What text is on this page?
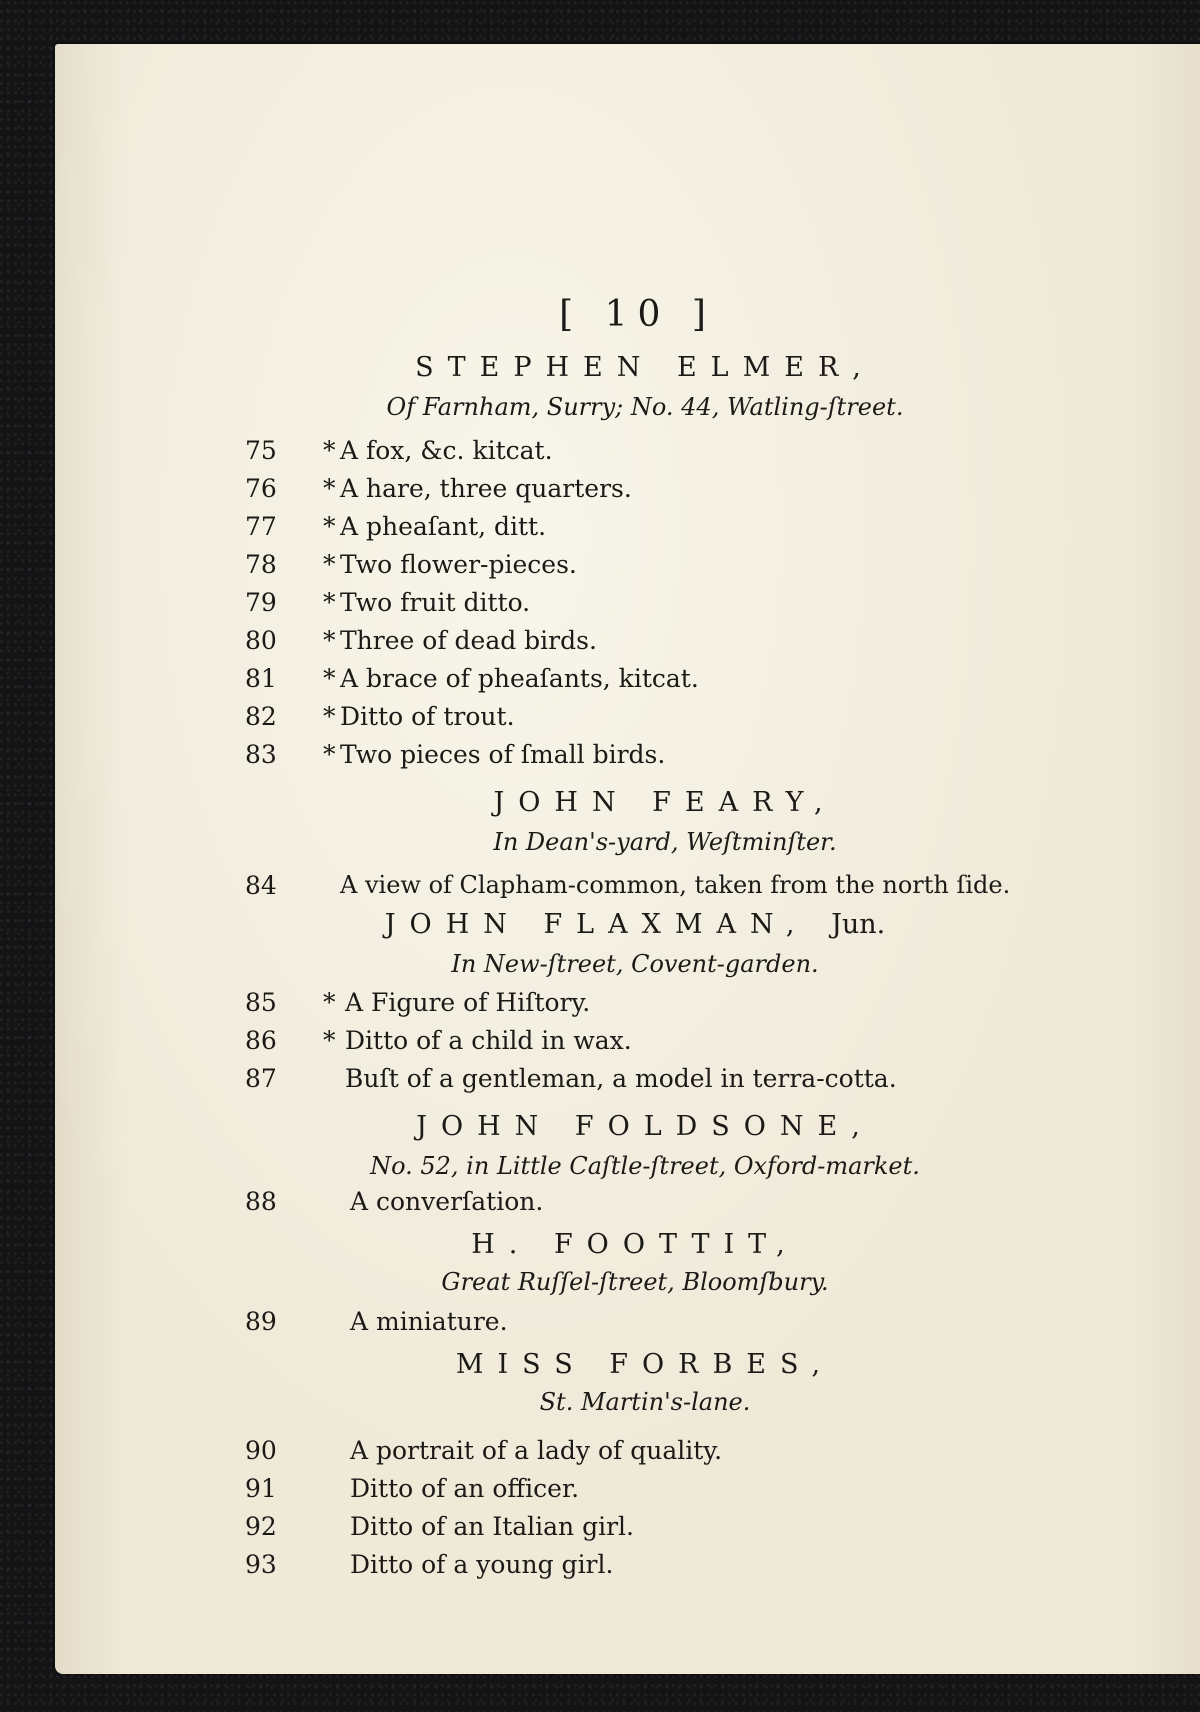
[ 10 ]
STEPHEN ELMER,
Of Farnham, Surry; No. 44, Watling-ſtreet.
75	* A fox, &c. kitcat.
76	* A hare, three quarters.
77	* A pheaſant, ditt.
78	* Two flower-pieces.
79	* Two fruit ditto.
80	* Three of dead birds.
81	* A brace of pheaſants, kitcat.
82	* Ditto of trout.
83	* Two pieces of ſmall birds.
JOHN FEARY,
In Dean's-yard, Weſtminſter.
84	A view of Clapham-common, taken from the north ſide.
JOHN FLAXMAN, Jun.
In New-ſtreet, Covent-garden.
85	* A Figure of Hiſtory.
86	* Ditto of a child in wax.
87	Buſt of a gentleman, a model in terra-cotta.
JOHN FOLDSONE,
No. 52, in Little Caſtle-ſtreet, Oxford-market.
88	A converſation.
H. FOOTTIT,
Great Ruſſel-ſtreet, Bloomſbury.
89	A miniature.
MISS FORBES,
St. Martin's-lane.
90	A portrait of a lady of quality.
91	Ditto of an officer.
92	Ditto of an Italian girl.
93	Ditto of a young girl.
